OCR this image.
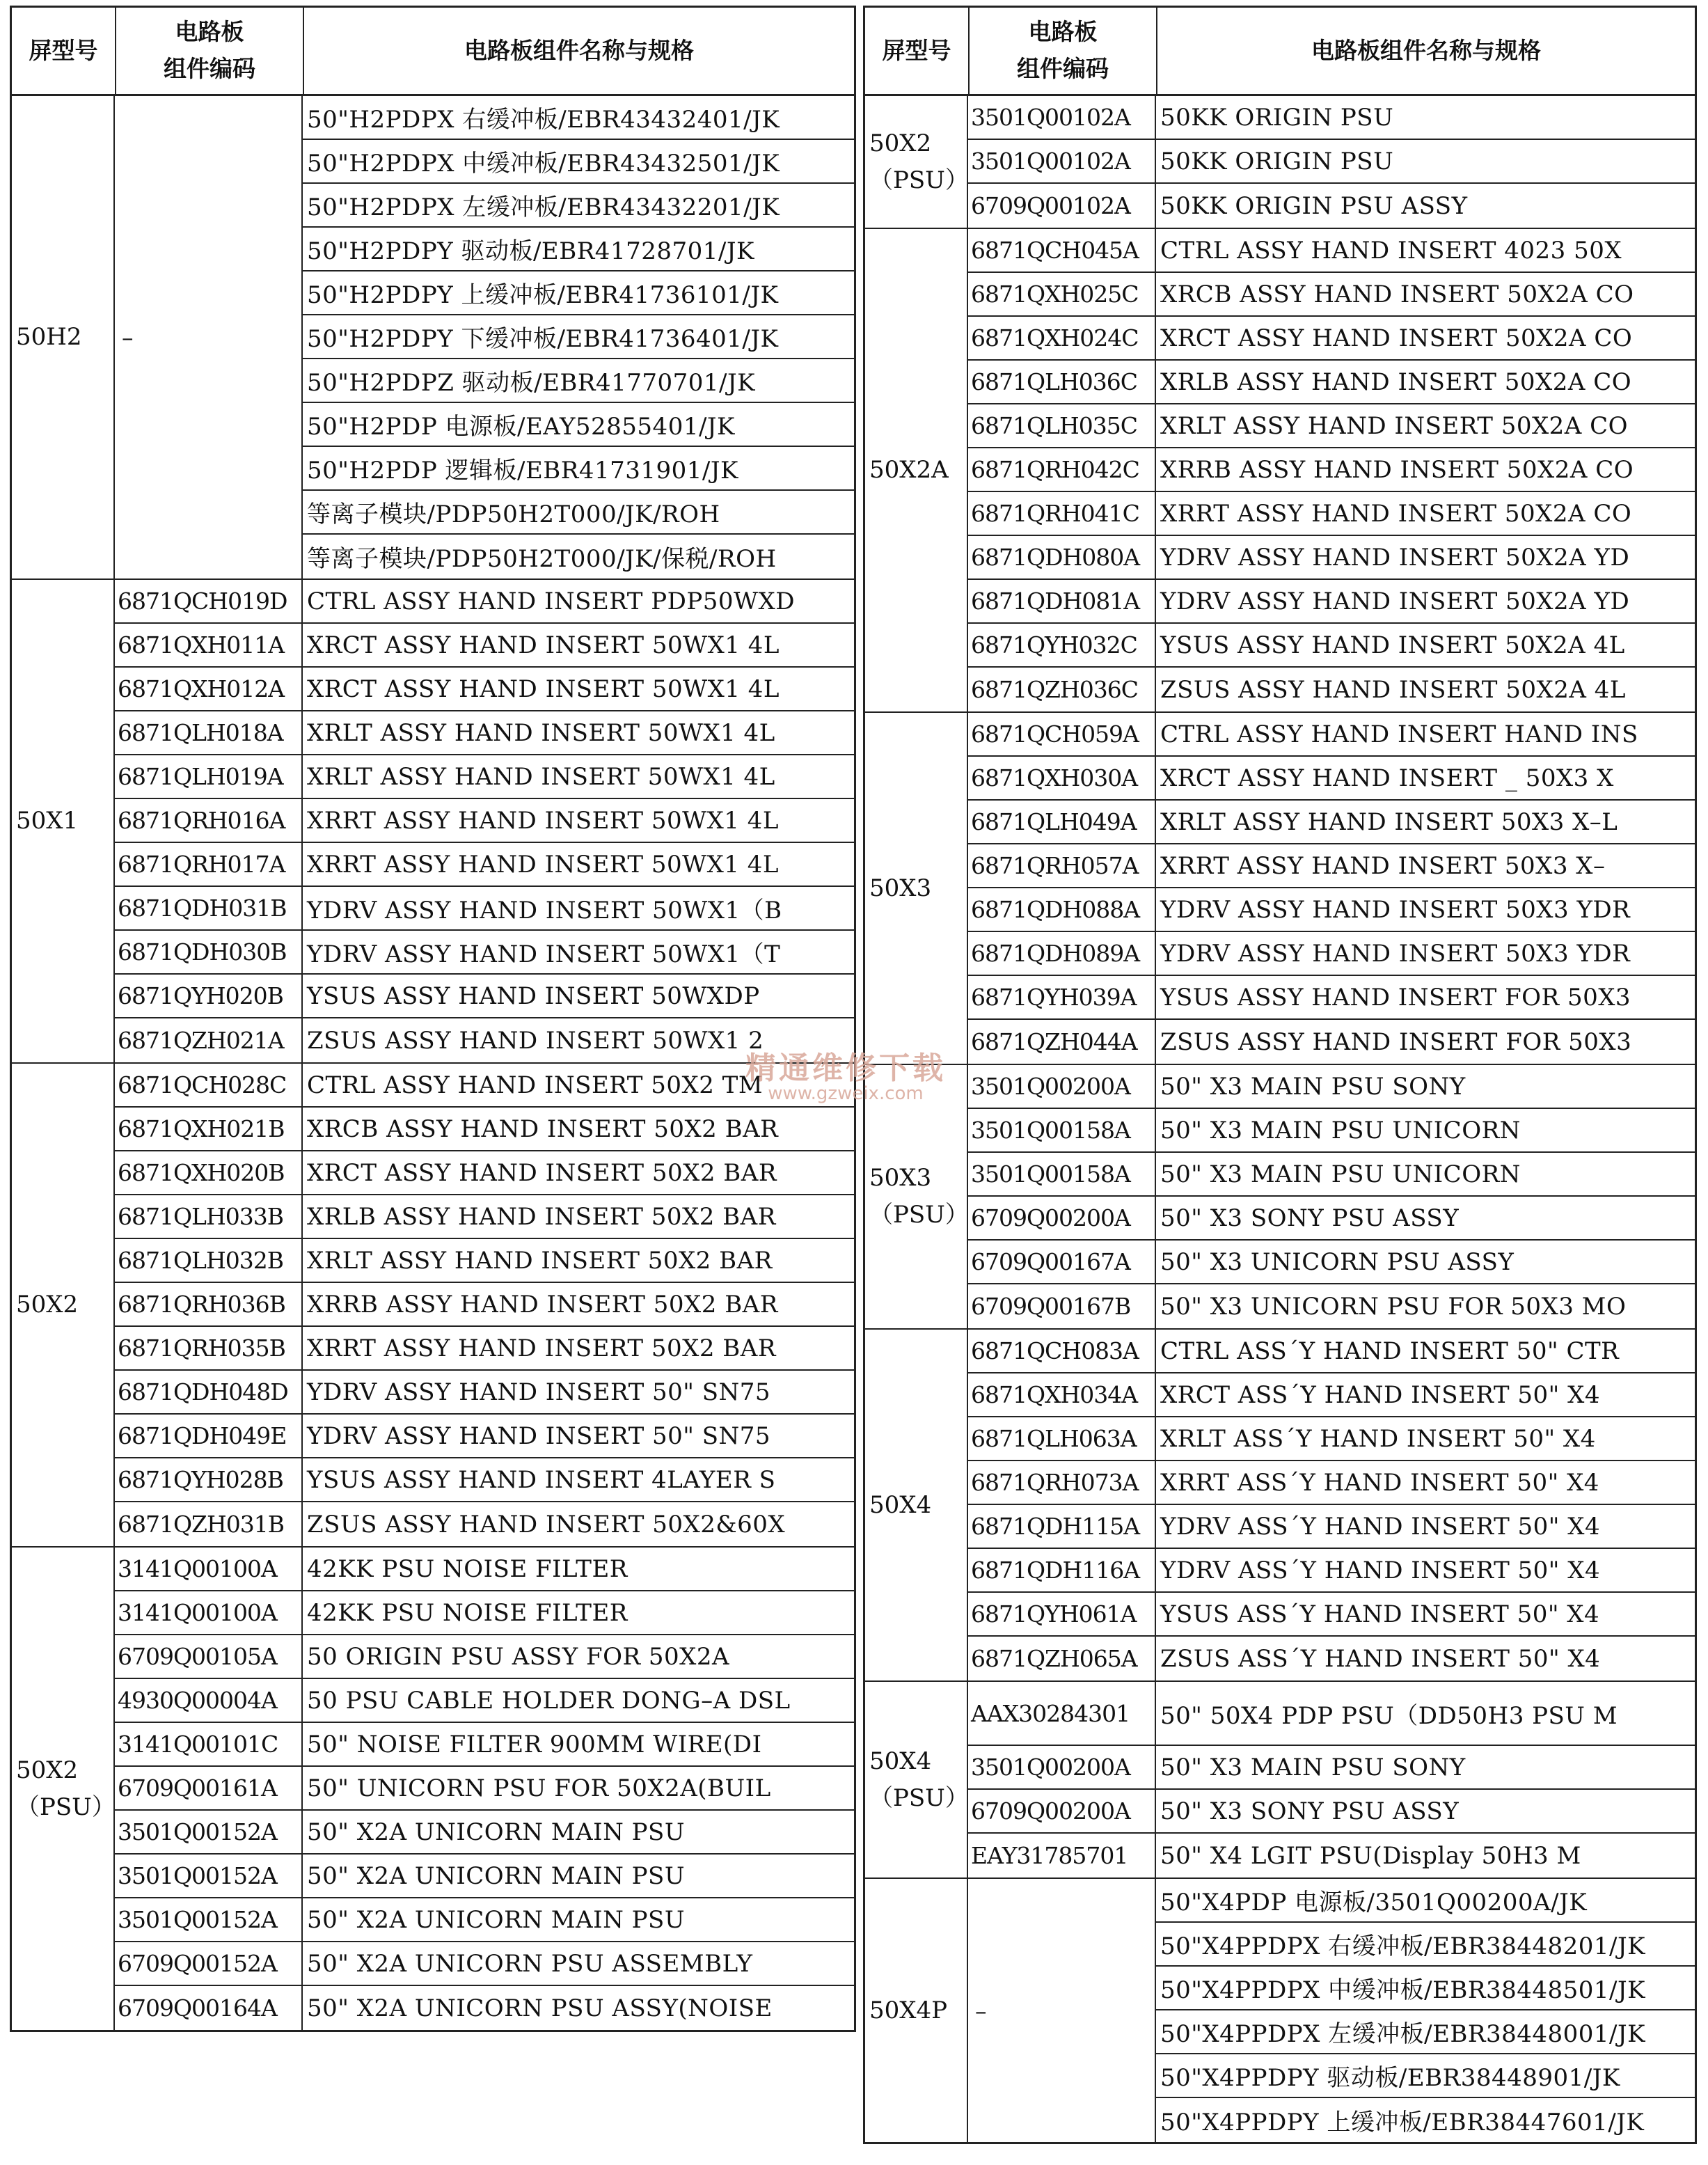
屏型号
电路板
组件编码
电路板组件名称与规格
50H2	–
50"H2PDPX 右缓冲板/EBR43432401/JK
50"H2PDPX 中缓冲板/EBR43432501/JK
50"H2PDPX 左缓冲板/EBR43432201/JK
50"H2PDPY 驱动板/EBR41728701/JK
50"H2PDPY 上缓冲板/EBR41736101/JK
50"H2PDPY 下缓冲板/EBR41736401/JK
50"H2PDPZ 驱动板/EBR41770701/JK
50"H2PDP 电源板/EAY52855401/JK
50"H2PDP 逻辑板/EBR41731901/JK
等离子模块/PDP50H2T000/JK/ROH
等离子模块/PDP50H2T000/JK/保税/ROH
50X1
6871QCH019D CTRL ASSY HAND INSERT PDP50WXD
6871QXH011A XRCT ASSY HAND INSERT 50WX1 4L
6871QXH012A XRCT ASSY HAND INSERT 50WX1 4L
6871QLH018A	XRLT ASSY HAND INSERT 50WX1 4L
6871QLH019A	XRLT ASSY HAND INSERT 50WX1 4L
6871QRH016A XRRT ASSY HAND INSERT 50WX1 4L
6871QRH017A XRRT ASSY HAND INSERT 50WX1 4L
6871QDH031B YDRV ASSY HAND INSERT 50WX1（B
6871QDH030B YDRV ASSY HAND INSERT 50WX1（T
6871QYH020B	YSUS ASSY HAND INSERT 50WXDP
6871QZH021A ZSUS ASSY HAND INSERT 50WX1 2
50X2
6871QCH028C CTRL ASSY HAND INSERT 50X2 TM
6871QXH021B XRCB ASSY HAND INSERT 50X2 BAR
6871QXH020B XRCT ASSY HAND INSERT 50X2 BAR
6871QLH033B	XRLB ASSY HAND INSERT 50X2 BAR
6871QLH032B	XRLT ASSY HAND INSERT 50X2 BAR
6871QRH036B XRRB ASSY HAND INSERT 50X2 BAR
6871QRH035B XRRT ASSY HAND INSERT 50X2 BAR
6871QDH048D YDRV ASSY HAND INSERT 50" SN75
6871QDH049E YDRV ASSY HAND INSERT 50" SN75
6871QYH028B	YSUS ASSY HAND INSERT 4LAYER S
6871QZH031B ZSUS ASSY HAND INSERT 50X2&60X
50X2
（PSU）
3141Q00100A	42KK PSU NOISE FILTER
3141Q00100A	42KK PSU NOISE FILTER
6709Q00105A	50 ORIGIN PSU ASSY FOR 50X2A
4930Q00004A	50 PSU CABLE HOLDER DONG–A DSL
3141Q00101C	50" NOISE FILTER 900MM WIRE(DI
6709Q00161A	50" UNICORN PSU FOR 50X2A(BUIL
3501Q00152A	50" X2A UNICORN MAIN PSU
3501Q00152A	50" X2A UNICORN MAIN PSU
3501Q00152A	50" X2A UNICORN MAIN PSU
6709Q00152A	50" X2A UNICORN PSU ASSEMBLY
6709Q00164A	50" X2A UNICORN PSU ASSY(NOISE
屏型号
电路板
组件编码
电路板组件名称与规格
50X2
（PSU）
3501Q00102A	50KK ORIGIN PSU
3501Q00102A	50KK ORIGIN PSU
6709Q00102A	50KK ORIGIN PSU ASSY
50X2A
6871QCH045A CTRL ASSY HAND INSERT 4023 50X
6871QXH025C XRCB ASSY HAND INSERT 50X2A CO
6871QXH024C XRCT ASSY HAND INSERT 50X2A CO
6871QLH036C XRLB ASSY HAND INSERT 50X2A CO
6871QLH035C XRLT ASSY HAND INSERT 50X2A CO
6871QRH042C XRRB ASSY HAND INSERT 50X2A CO
6871QRH041C XRRT ASSY HAND INSERT 50X2A CO
6871QDH080A YDRV ASSY HAND INSERT 50X2A YD
6871QDH081A YDRV ASSY HAND INSERT 50X2A YD
6871QYH032C YSUS ASSY HAND INSERT 50X2A 4L
6871QZH036C ZSUS ASSY HAND INSERT 50X2A 4L
50X3
6871QCH059A CTRL ASSY HAND INSERT HAND INS
6871QXH030A XRCT ASSY HAND INSERT _ 50X3 X
6871QLH049A	XRLT ASSY HAND INSERT 50X3 X–L
6871QRH057A XRRT ASSY HAND INSERT 50X3 X–
6871QDH088A YDRV ASSY HAND INSERT 50X3 YDR
6871QDH089A YDRV ASSY HAND INSERT 50X3 YDR
6871QYH039A	YSUS ASSY HAND INSERT FOR 50X3
6871QZH044A ZSUS ASSY HAND INSERT FOR 50X3
50X3
（PSU）
3501Q00200A	50" X3 MAIN PSU SONY
3501Q00158A	50" X3 MAIN PSU UNICORN
3501Q00158A	50" X3 MAIN PSU UNICORN
6709Q00200A	50" X3 SONY PSU ASSY
6709Q00167A	50" X3 UNICORN PSU ASSY
6709Q00167B	50" X3 UNICORN PSU FOR 50X3 MO
50X4
6871QCH083A CTRL ASS´Y HAND INSERT 50" CTR
6871QXH034A XRCT ASS´Y HAND INSERT 50" X4
6871QLH063A	XRLT ASS´Y HAND INSERT 50" X4
6871QRH073A XRRT ASS´Y HAND INSERT 50" X4
6871QDH115A YDRV ASS´Y HAND INSERT 50" X4
6871QDH116A YDRV ASS´Y HAND INSERT 50" X4
6871QYH061A	YSUS ASS´Y HAND INSERT 50" X4
6871QZH065A ZSUS ASS´Y HAND INSERT 50" X4
50X4
（PSU）
AAX30284301	50" 50X4 PDP PSU（DD50H3 PSU M
3501Q00200A	50" X3 MAIN PSU SONY
6709Q00200A	50" X3 SONY PSU ASSY
EAY31785701	50" X4 LGIT PSU(Display 50H3 M
50X4P	–
50"X4PDP 电源板/3501Q00200A/JK
50"X4PPDPX 右缓冲板/EBR38448201/JK
50"X4PPDPX 中缓冲板/EBR38448501/JK
50"X4PPDPX 左缓冲板/EBR38448001/JK
50"X4PPDPY 驱动板/EBR38448901/JK
50"X4PPDPY 上缓冲板/EBR38447601/JK
精通维修下载
www.gzweix.com
